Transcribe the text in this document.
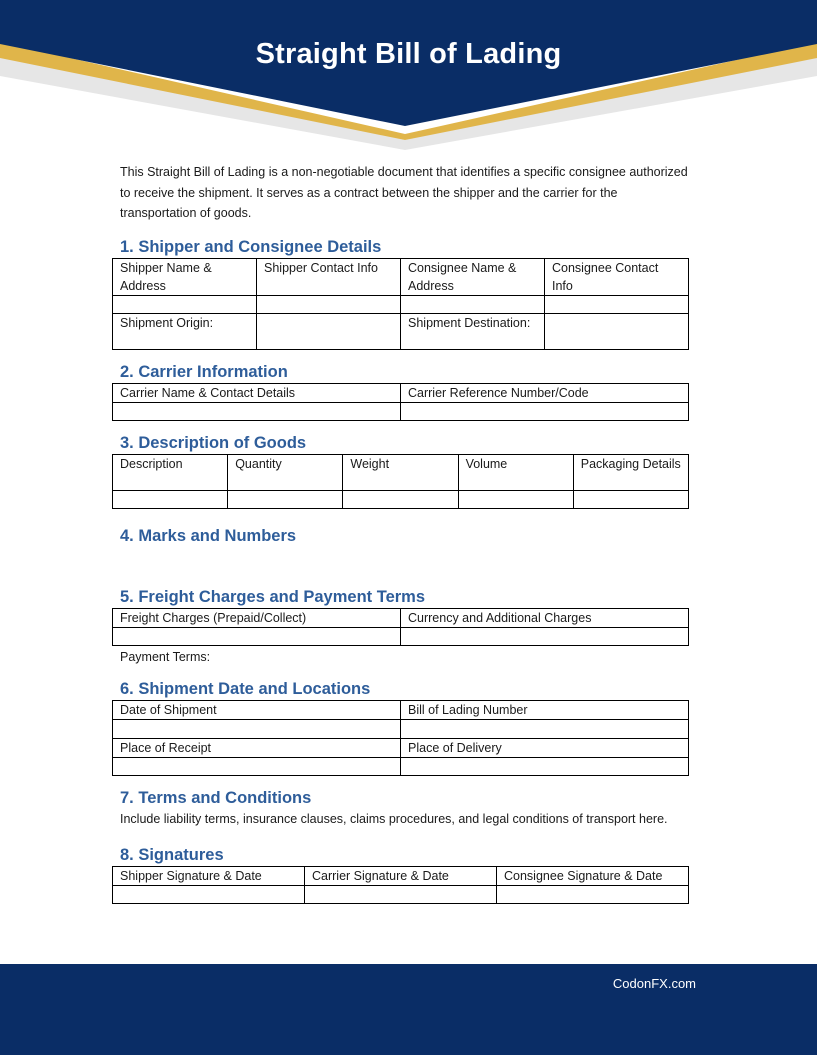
Straight Bill of Lading

This Straight Bill of Lading is a non-negotiable document that identifies a specific consignee authorized to receive the shipment. It serves as a contract between the shipper and the carrier for the transportation of goods.

1. Shipper and Consignee Details
Shipper Name & Address	Shipper Contact Info	Consignee Name & Address	Consignee Contact Info

Shipment Origin:		Shipment Destination:	
2. Carrier Information
Carrier Name & Contact Details	Carrier Reference Number/Code

3. Description of Goods
Description	Quantity	Weight	Volume	Packaging Details

4. Marks and Numbers
5. Freight Charges and Payment Terms
Freight Charges (Prepaid/Collect)	Currency and Additional Charges

Payment Terms:
6. Shipment Date and Locations
Date of Shipment	Bill of Lading Number

Place of Receipt	Place of Delivery

7. Terms and Conditions
Include liability terms, insurance clauses, claims procedures, and legal conditions of transport here.
8. Signatures
Shipper Signature & Date	Carrier Signature & Date	Consignee Signature & Date

CodonFX.com
